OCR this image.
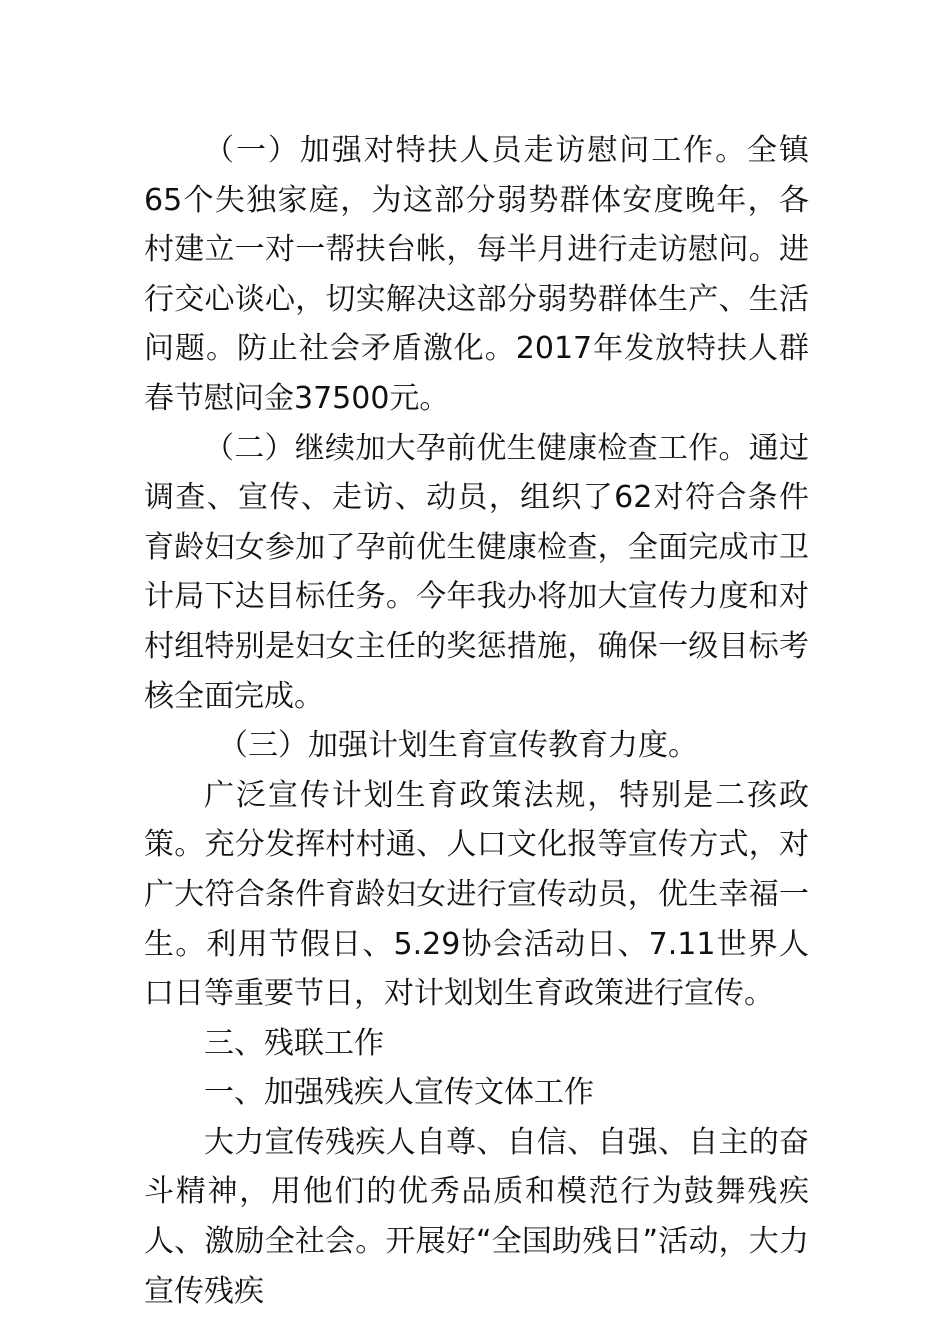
（一）加强对特扶人员走访慰问工作。全镇65个失独家庭，为这部分弱势群体安度晚年，各村建立一对一帮扶台帐，每半月进行走访慰问。进行交心谈心，切实解决这部分弱势群体生产、生活问题。防止社会矛盾激化。2017年发放特扶人群春节慰问金37500元。

（二）继续加大孕前优生健康检查工作。通过调查、宣传、走访、动员，组织了62对符合条件育龄妇女参加了孕前优生健康检查，全面完成市卫计局下达目标任务。今年我办将加大宣传力度和对村组特别是妇女主任的奖惩措施，确保一级目标考核全面完成。

（三）加强计划生育宣传教育力度。

广泛宣传计划生育政策法规，特别是二孩政策。充分发挥村村通、人口文化报等宣传方式，对广大符合条件育龄妇女进行宣传动员，优生幸福一生。利用节假日、5.29协会活动日、7.11世界人口日等重要节日，对计划划生育政策进行宣传。

三、残联工作

一、加强残疾人宣传文体工作

大力宣传残疾人自尊、自信、自强、自主的奋斗精神，用他们的优秀品质和模范行为鼓舞残疾人、激励全社会。开展好“全国助残日”活动，大力宣传残疾
